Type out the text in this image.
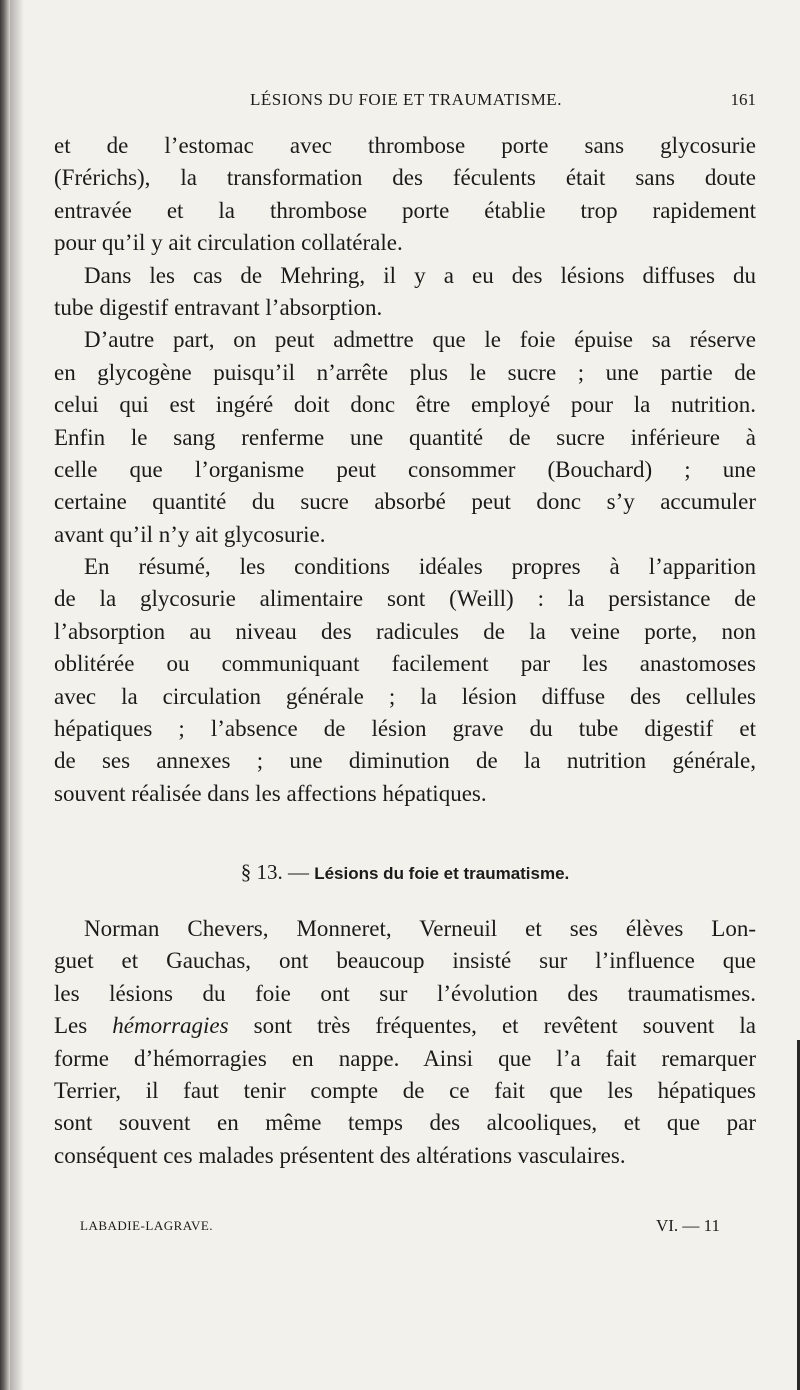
LÉSIONS DU FOIE ET TRAUMATISME.	161
et de l’estomac avec thrombose porte sans glycosurie
(Frérichs), la transformation des féculents était sans doute
entravée et la thrombose porte établie trop rapidement
pour qu’il y ait circulation collatérale.
Dans les cas de Mehring, il y a eu des lésions diffuses du
tube digestif entravant l’absorption.
D’autre part, on peut admettre que le foie épuise sa réserve
en glycogène puisqu’il n’arrête plus le sucre ; une partie de
celui qui est ingéré doit donc être employé pour la nutrition.
Enfin le sang renferme une quantité de sucre inférieure à
celle que l’organisme peut consommer (Bouchard) ; une
certaine quantité du sucre absorbé peut donc s’y accumuler
avant qu’il n’y ait glycosurie.
En résumé, les conditions idéales propres à l’apparition
de la glycosurie alimentaire sont (Weill) : la persistance de
l’absorption au niveau des radicules de la veine porte, non
oblitérée ou communiquant facilement par les anastomoses
avec la circulation générale ; la lésion diffuse des cellules
hépatiques ; l’absence de lésion grave du tube digestif et
de ses annexes ; une diminution de la nutrition générale,
souvent réalisée dans les affections hépatiques.
§ 13. — Lésions du foie et traumatisme.
Norman Chevers, Monneret, Verneuil et ses élèves Lon-
guet et Gauchas, ont beaucoup insisté sur l’influence que
les lésions du foie ont sur l’évolution des traumatismes.
Les hémorragies sont très fréquentes, et revêtent souvent la
forme d’hémorragies en nappe. Ainsi que l’a fait remarquer
Terrier, il faut tenir compte de ce fait que les hépatiques
sont souvent en même temps des alcooliques, et que par
conséquent ces malades présentent des altérations vasculaires.
LABADIE-LAGRAVE.	VI. — 11
